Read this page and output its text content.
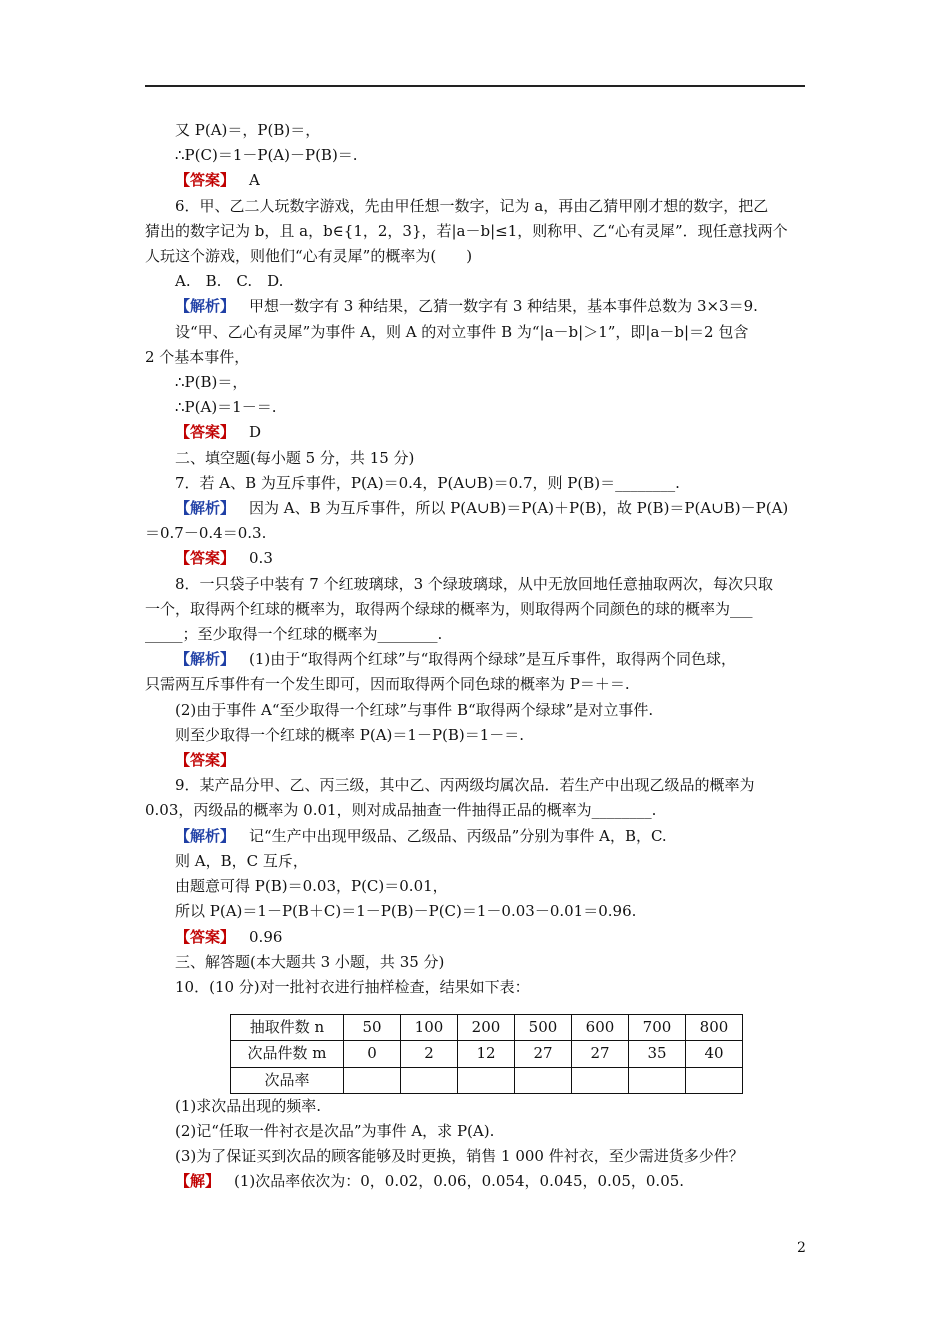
又 P(A)＝，P(B)＝，
∴P(C)＝1－P(A)－P(B)＝.
【答案】 A
6．甲、乙二人玩数字游戏，先由甲任想一数字，记为 a，再由乙猜甲刚才想的数字，把乙
猜出的数字记为 b，且 a，b∈{1，2，3}，若|a－b|≤1，则称甲、乙“心有灵犀”．现任意找两个
人玩这个游戏，则他们“心有灵犀”的概率为(　　)
A.　B.　C.　D.
【解析】 甲想一数字有 3 种结果，乙猜一数字有 3 种结果，基本事件总数为 3×3＝9.
设“甲、乙心有灵犀”为事件 A，则 A 的对立事件 B 为“|a－b|＞1”，即|a－b|＝2 包含
2 个基本事件，
∴P(B)＝，
∴P(A)＝1－＝.
【答案】 D
二、填空题(每小题 5 分，共 15 分)
7．若 A、B 为互斥事件，P(A)＝0.4，P(A∪B)＝0.7，则 P(B)＝________.
【解析】 因为 A、B 为互斥事件，所以 P(A∪B)＝P(A)＋P(B)，故 P(B)＝P(A∪B)－P(A)
＝0.7－0.4＝0.3.
【答案】 0.3
8．一只袋子中装有 7 个红玻璃球，3 个绿玻璃球，从中无放回地任意抽取两次，每次只取
一个，取得两个红球的概率为，取得两个绿球的概率为，则取得两个同颜色的球的概率为___
_____；至少取得一个红球的概率为________.
【解析】 (1)由于“取得两个红球”与“取得两个绿球”是互斥事件，取得两个同色球，
只需两互斥事件有一个发生即可，因而取得两个同色球的概率为 P＝＋＝.
(2)由于事件 A“至少取得一个红球”与事件 B“取得两个绿球”是对立事件.
则至少取得一个红球的概率 P(A)＝1－P(B)＝1－＝.
【答案】
9．某产品分甲、乙、丙三级，其中乙、丙两级均属次品．若生产中出现乙级品的概率为
0.03，丙级品的概率为 0.01，则对成品抽查一件抽得正品的概率为________.
【解析】 记“生产中出现甲级品、乙级品、丙级品”分别为事件 A，B，C.
则 A，B，C 互斥，
由题意可得 P(B)＝0.03，P(C)＝0.01，
所以 P(A)＝1－P(B＋C)＝1－P(B)－P(C)＝1－0.03－0.01＝0.96.
【答案】 0.96
三、解答题(本大题共 3 小题，共 35 分)
10．(10 分)对一批衬衣进行抽样检查，结果如下表：
抽取件数 n	50	100	200	500	600	700	800
次品件数 m	0	2	12	27	27	35	40
次品率							
(1)求次品出现的频率.
(2)记“任取一件衬衣是次品”为事件 A，求 P(A).
(3)为了保证买到次品的顾客能够及时更换，销售 1 000 件衬衣，至少需进货多少件？
【解】 (1)次品率依次为：0，0.02，0.06，0.054，0.045，0.05，0.05.
2
